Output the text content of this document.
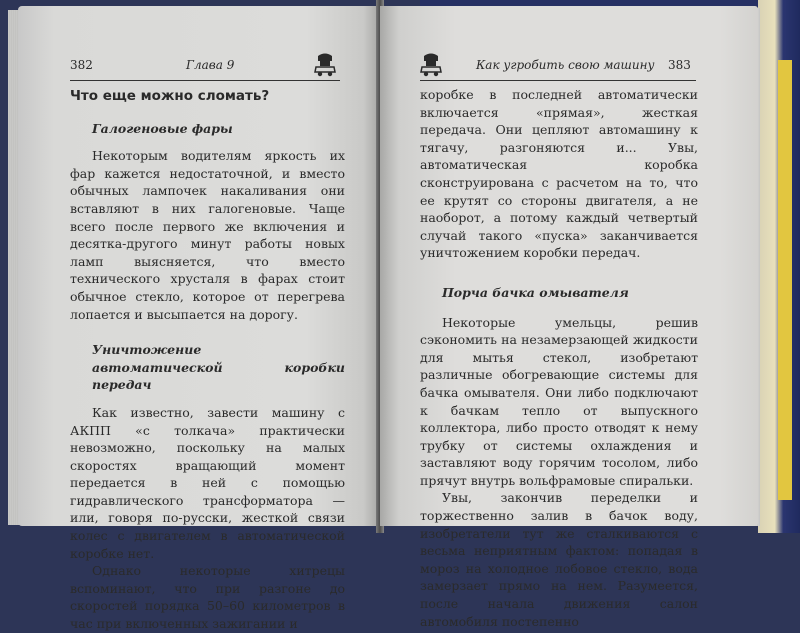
382	Глава 9

Что еще можно сломать?

Галогеновые фары

Некоторым водителям яркость их фар кажется недостаточной, и вместо обычных лампочек накаливания они вставляют в них галогеновые. Чаще всего после первого же включения и десятка-другого минут работы новых ламп выясняется, что вместо технического хрусталя в фарах стоит обычное стекло, которое от перегрева лопается и высыпается на дорогу.

Уничтожение

автоматической коробки передач

Как известно, завести машину с АКПП «с толкача» практически невозможно, поскольку на малых скоростях вращающий момент передается в ней с помощью гидравлического трансформатора — или, говоря по-русски, жесткой связи колес с двигателем в автоматической коробке нет.

Однако некоторые хитрецы вспоминают, что при разгоне до скоростей порядка 50–60 километров в час при включенных зажигании и

Как угробить свою машину 383

коробке в последней автоматически включается «прямая», жесткая передача. Они цепляют автомашину к тягачу, разгоняются и... Увы, автоматическая коробка сконструирована с расчетом на то, что ее крутят со стороны двигателя, а не наоборот, а потому каждый четвертый случай такого «пуска» заканчивается уничтожением коробки передач.

Порча бачка омывателя

Некоторые умельцы, решив сэкономить на незамерзающей жидкости для мытья стекол, изобретают различные обогревающие системы для бачка омывателя. Они либо подключают к бачкам тепло от выпускного коллектора, либо просто отводят к нему трубку от системы охлаждения и заставляют воду горячим тосолом, либо прячут внутрь вольфрамовые спиральки.

Увы, закончив переделки и торжественно залив в бачок воду, изобретатели тут же сталкиваются с весьма неприятным фактом: попадая в мороз на холодное лобовое стекло, вода замерзает прямо на нем. Разумеется, после начала движения салон автомобиля постепенно
